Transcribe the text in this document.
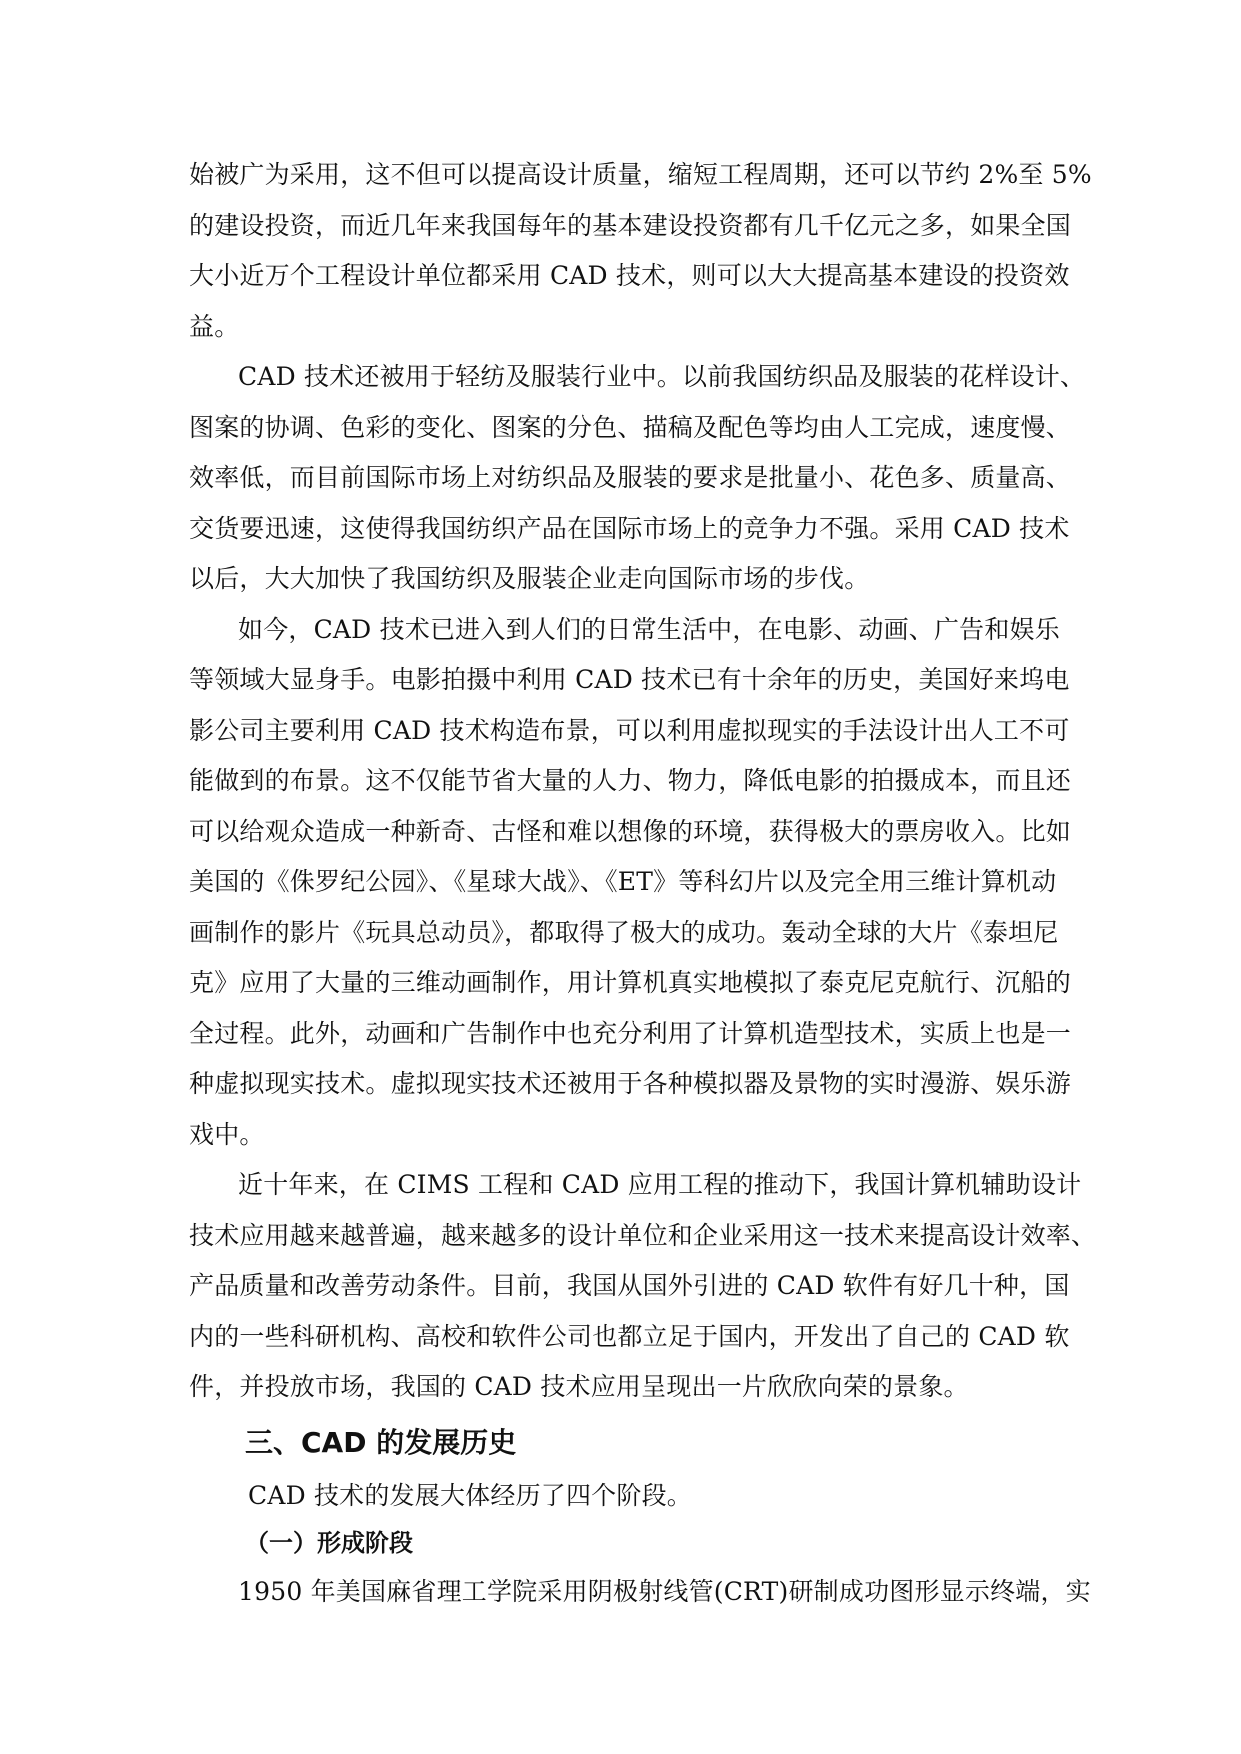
始被广为采用，这不但可以提高设计质量，缩短工程周期，还可以节约 2%至 5%
的建设投资，而近几年来我国每年的基本建设投资都有几千亿元之多，如果全国
大小近万个工程设计单位都采用 CAD 技术，则可以大大提高基本建设的投资效
益。
CAD 技术还被用于轻纺及服装行业中。以前我国纺织品及服装的花样设计、
图案的协调、色彩的变化、图案的分色、描稿及配色等均由人工完成，速度慢、
效率低，而目前国际市场上对纺织品及服装的要求是批量小、花色多、质量高、
交货要迅速，这使得我国纺织产品在国际市场上的竞争力不强。采用 CAD 技术
以后，大大加快了我国纺织及服装企业走向国际市场的步伐。
如今，CAD 技术已进入到人们的日常生活中，在电影、动画、广告和娱乐
等领域大显身手。电影拍摄中利用 CAD 技术已有十余年的历史，美国好来坞电
影公司主要利用 CAD 技术构造布景，可以利用虚拟现实的手法设计出人工不可
能做到的布景。这不仅能节省大量的人力、物力，降低电影的拍摄成本，而且还
可以给观众造成一种新奇、古怪和难以想像的环境，获得极大的票房收入。比如
美国的《侏罗纪公园》、《星球大战》、《ET》等科幻片以及完全用三维计算机动
画制作的影片《玩具总动员》，都取得了极大的成功。轰动全球的大片《泰坦尼
克》应用了大量的三维动画制作，用计算机真实地模拟了泰克尼克航行、沉船的
全过程。此外，动画和广告制作中也充分利用了计算机造型技术，实质上也是一
种虚拟现实技术。虚拟现实技术还被用于各种模拟器及景物的实时漫游、娱乐游
戏中。
近十年来，在 CIMS 工程和 CAD 应用工程的推动下，我国计算机辅助设计
技术应用越来越普遍，越来越多的设计单位和企业采用这一技术来提高设计效率、
产品质量和改善劳动条件。目前，我国从国外引进的 CAD 软件有好几十种，国
内的一些科研机构、高校和软件公司也都立足于国内，开发出了自己的 CAD 软
件，并投放市场，我国的 CAD 技术应用呈现出一片欣欣向荣的景象。
三、CAD 的发展历史
CAD 技术的发展大体经历了四个阶段。
（一）形成阶段
1950 年美国麻省理工学院采用阴极射线管(CRT)研制成功图形显示终端，实
